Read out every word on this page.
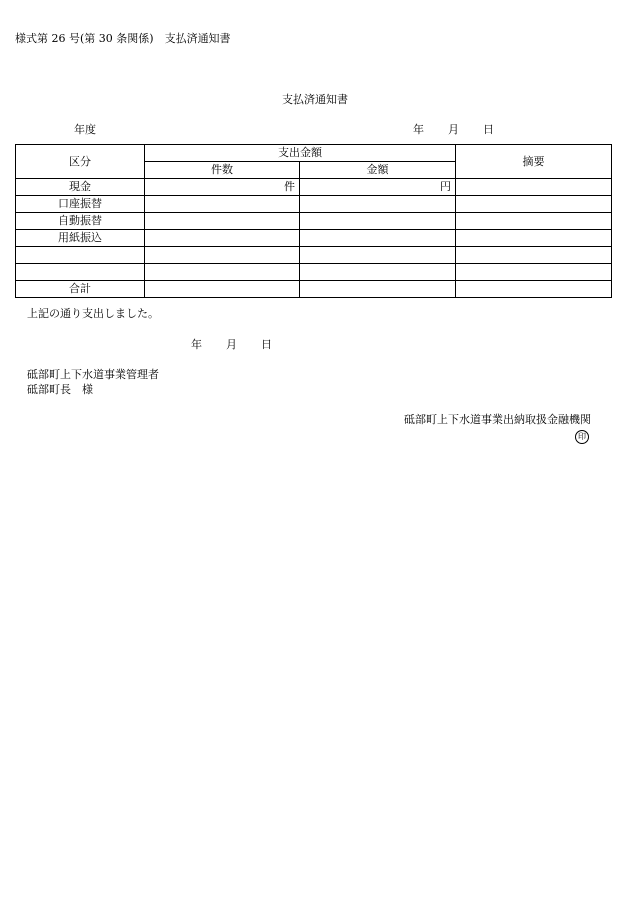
様式第 26 号(第 30 条関係)　支払済通知書
支払済通知書
年度	年 月 日
区分	支出金額		摘要
	件数	金額	
現金	件	円	
口座振替			
自動振替			
用紙振込			

合計			
上記の通り支出しました。
年 月 日
砥部町上下水道事業管理者
砥部町長　様
砥部町上下水道事業出納取扱金融機関
印
